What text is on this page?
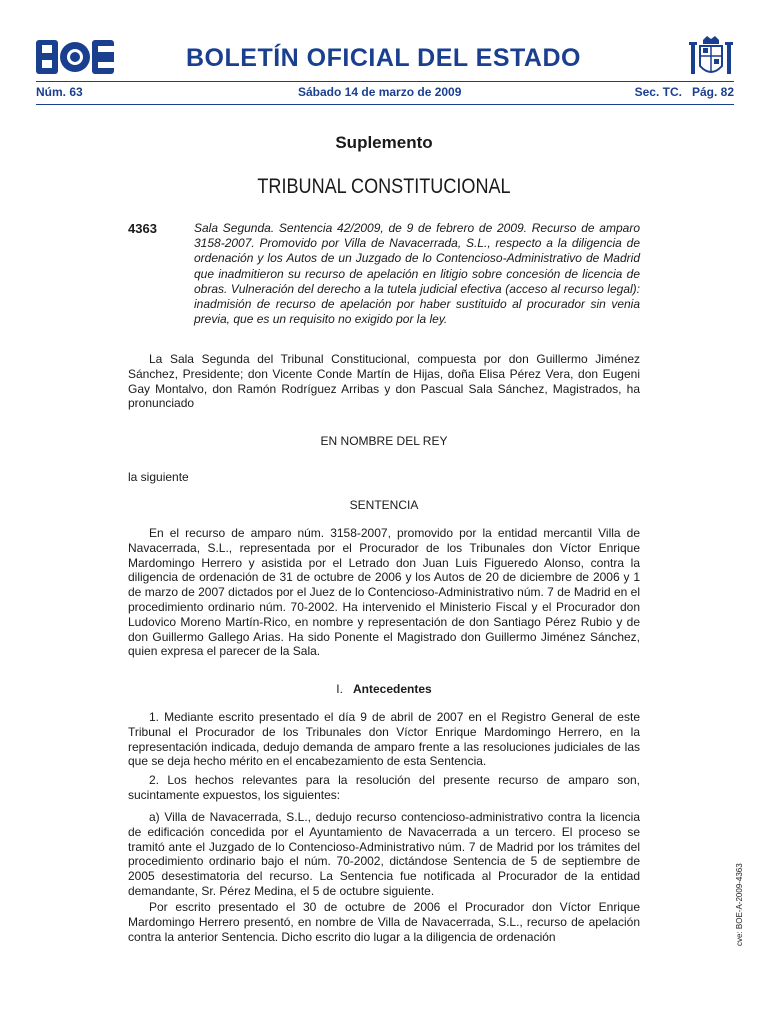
BOLETÍN OFICIAL DEL ESTADO
Núm. 63	Sábado 14 de marzo de 2009	Sec. TC.   Pág. 82
Suplemento
TRIBUNAL CONSTITUCIONAL
4363	Sala Segunda. Sentencia 42/2009, de 9 de febrero de 2009. Recurso de amparo 3158-2007. Promovido por Villa de Navacerrada, S.L., respecto a la diligencia de ordenación y los Autos de un Juzgado de lo Contencioso-Administrativo de Madrid que inadmitieron su recurso de apelación en litigio sobre concesión de licencia de obras. Vulneración del derecho a la tutela judicial efectiva (acceso al recurso legal): inadmisión de recurso de apelación por haber sustituido al procurador sin venia previa, que es un requisito no exigido por la ley.
La Sala Segunda del Tribunal Constitucional, compuesta por don Guillermo Jiménez Sánchez, Presidente; don Vicente Conde Martín de Hijas, doña Elisa Pérez Vera, don Eugeni Gay Montalvo, don Ramón Rodríguez Arribas y don Pascual Sala Sánchez, Magistrados, ha pronunciado
EN NOMBRE DEL REY
la siguiente
SENTENCIA
En el recurso de amparo núm. 3158-2007, promovido por la entidad mercantil Villa de Navacerrada, S.L., representada por el Procurador de los Tribunales don Víctor Enrique Mardomingo Herrero y asistida por el Letrado don Juan Luis Figueredo Alonso, contra la diligencia de ordenación de 31 de octubre de 2006 y los Autos de 20 de diciembre de 2006 y 1 de marzo de 2007 dictados por el Juez de lo Contencioso-Administrativo núm. 7 de Madrid en el procedimiento ordinario núm. 70-2002. Ha intervenido el Ministerio Fiscal y el Procurador don Ludovico Moreno Martín-Rico, en nombre y representación de don Santiago Pérez Rubio y de don Guillermo Gallego Arias. Ha sido Ponente el Magistrado don Guillermo Jiménez Sánchez, quien expresa el parecer de la Sala.
I. Antecedentes
1. Mediante escrito presentado el día 9 de abril de 2007 en el Registro General de este Tribunal el Procurador de los Tribunales don Víctor Enrique Mardomingo Herrero, en la representación indicada, dedujo demanda de amparo frente a las resoluciones judiciales de las que se deja hecho mérito en el encabezamiento de esta Sentencia.
2. Los hechos relevantes para la resolución del presente recurso de amparo son, sucintamente expuestos, los siguientes:
a) Villa de Navacerrada, S.L., dedujo recurso contencioso-administrativo contra la licencia de edificación concedida por el Ayuntamiento de Navacerrada a un tercero. El proceso se tramitó ante el Juzgado de lo Contencioso-Administrativo núm. 7 de Madrid por los trámites del procedimiento ordinario bajo el núm. 70-2002, dictándose Sentencia de 5 de septiembre de 2005 desestimatoria del recurso. La Sentencia fue notificada al Procurador de la entidad demandante, Sr. Pérez Medina, el 5 de octubre siguiente.
Por escrito presentado el 30 de octubre de 2006 el Procurador don Víctor Enrique Mardomingo Herrero presentó, en nombre de Villa de Navacerrada, S.L., recurso de apelación contra la anterior Sentencia. Dicho escrito dio lugar a la diligencia de ordenación	cve: BOE-A-2009-4363
